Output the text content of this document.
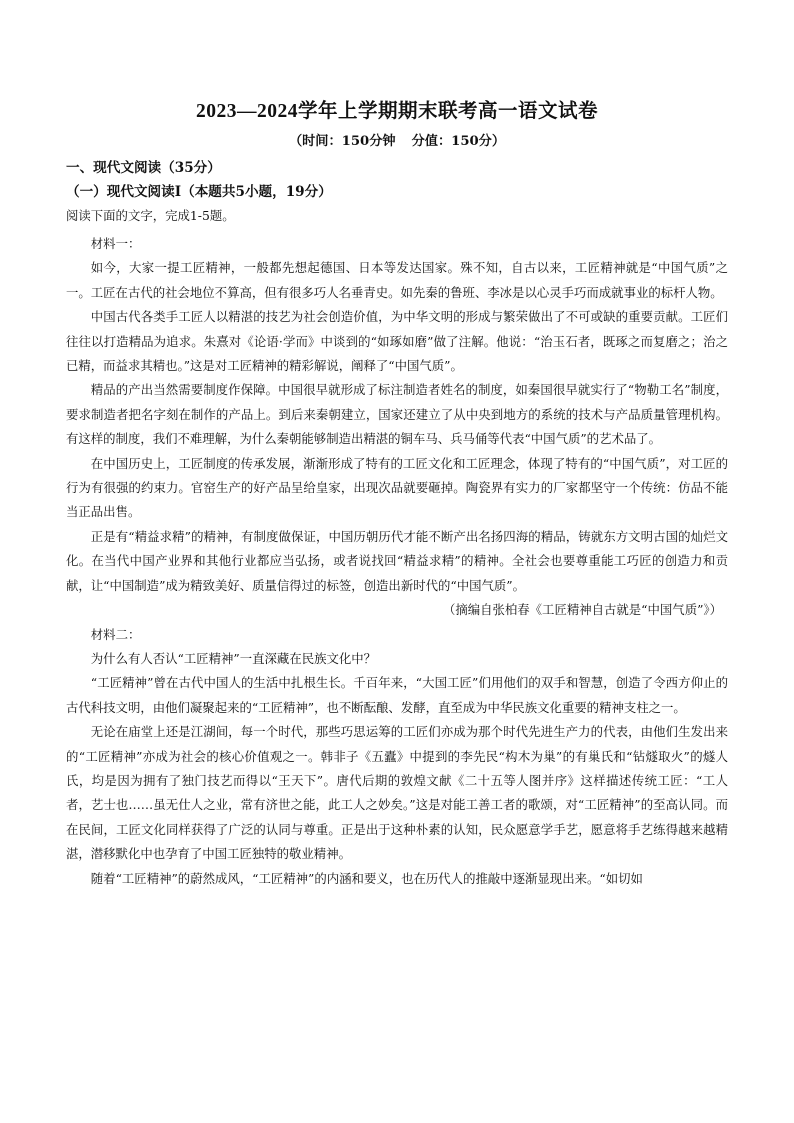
2023—2024学年上学期期末联考高一语文试卷
（时间：150分钟 分值：150分）
一、现代文阅读（35分）
（一）现代文阅读Ⅰ（本题共5小题，19分）
阅读下面的文字，完成1-5题。

材料一：

如今，大家一提工匠精神，一般都先想起德国、日本等发达国家。殊不知，自古以来，工匠精神就是“中国气质”之一。工匠在古代的社会地位不算高，但有很多巧人名垂青史。如先秦的鲁班、李冰是以心灵手巧而成就事业的标杆人物。

中国古代各类手工匠人以精湛的技艺为社会创造价值，为中华文明的形成与繁荣做出了不可或缺的重要贡献。工匠们往往以打造精品为追求。朱熹对《论语·学而》中谈到的“如琢如磨”做了注解。他说：“治玉石者，既琢之而复磨之；治之已精，而益求其精也。”这是对工匠精神的精彩解说，阐释了“中国气质”。

精品的产出当然需要制度作保障。中国很早就形成了标注制造者姓名的制度，如秦国很早就实行了“物勒工名”制度，要求制造者把名字刻在制作的产品上。到后来秦朝建立，国家还建立了从中央到地方的系统的技术与产品质量管理机构。有这样的制度，我们不难理解，为什么秦朝能够制造出精湛的铜车马、兵马俑等代表“中国气质”的艺术品了。

在中国历史上，工匠制度的传承发展，渐渐形成了特有的工匠文化和工匠理念，体现了特有的“中国气质”，对工匠的行为有很强的约束力。官窑生产的好产品呈给皇家，出现次品就要砸掉。陶瓷界有实力的厂家都坚守一个传统：仿品不能当正品出售。

正是有“精益求精”的精神，有制度做保证，中国历朝历代才能不断产出名扬四海的精品，铸就东方文明古国的灿烂文化。在当代中国产业界和其他行业都应当弘扬，或者说找回“精益求精”的精神。全社会也要尊重能工巧匠的创造力和贡献，让“中国制造”成为精致美好、质量信得过的标签，创造出新时代的“中国气质”。

（摘编自张柏春《工匠精神自古就是“中国气质”》）

材料二：

为什么有人否认“工匠精神”一直深藏在民族文化中？

“工匠精神”曾在古代中国人的生活中扎根生长。千百年来，“大国工匠”们用他们的双手和智慧，创造了令西方仰止的古代科技文明，由他们凝聚起来的“工匠精神”，也不断酝酿、发酵，直至成为中华民族文化重要的精神支柱之一。

无论在庙堂上还是江湖间，每一个时代，那些巧思运筹的工匠们亦成为那个时代先进生产力的代表，由他们生发出来的“工匠精神”亦成为社会的核心价值观之一。韩非子《五蠹》中提到的李先民“构木为巢”的有巢氏和“钻燧取火”的燧人氏，均是因为拥有了独门技艺而得以“王天下”。唐代后期的敦煌文献《二十五等人图并序》这样描述传统工匠：“工人者，艺士也……虽无仕人之业，常有济世之能，此工人之妙矣。”这是对能工善工者的歌颂，对“工匠精神”的至高认同。而在民间，工匠文化同样获得了广泛的认同与尊重。正是出于这种朴素的认知，民众愿意学手艺，愿意将手艺练得越来越精湛，潜移默化中也孕育了中国工匠独特的敬业精神。

随着“工匠精神”的蔚然成风，“工匠精神”的内涵和要义，也在历代人的推敲中逐渐显现出来。“如切如
